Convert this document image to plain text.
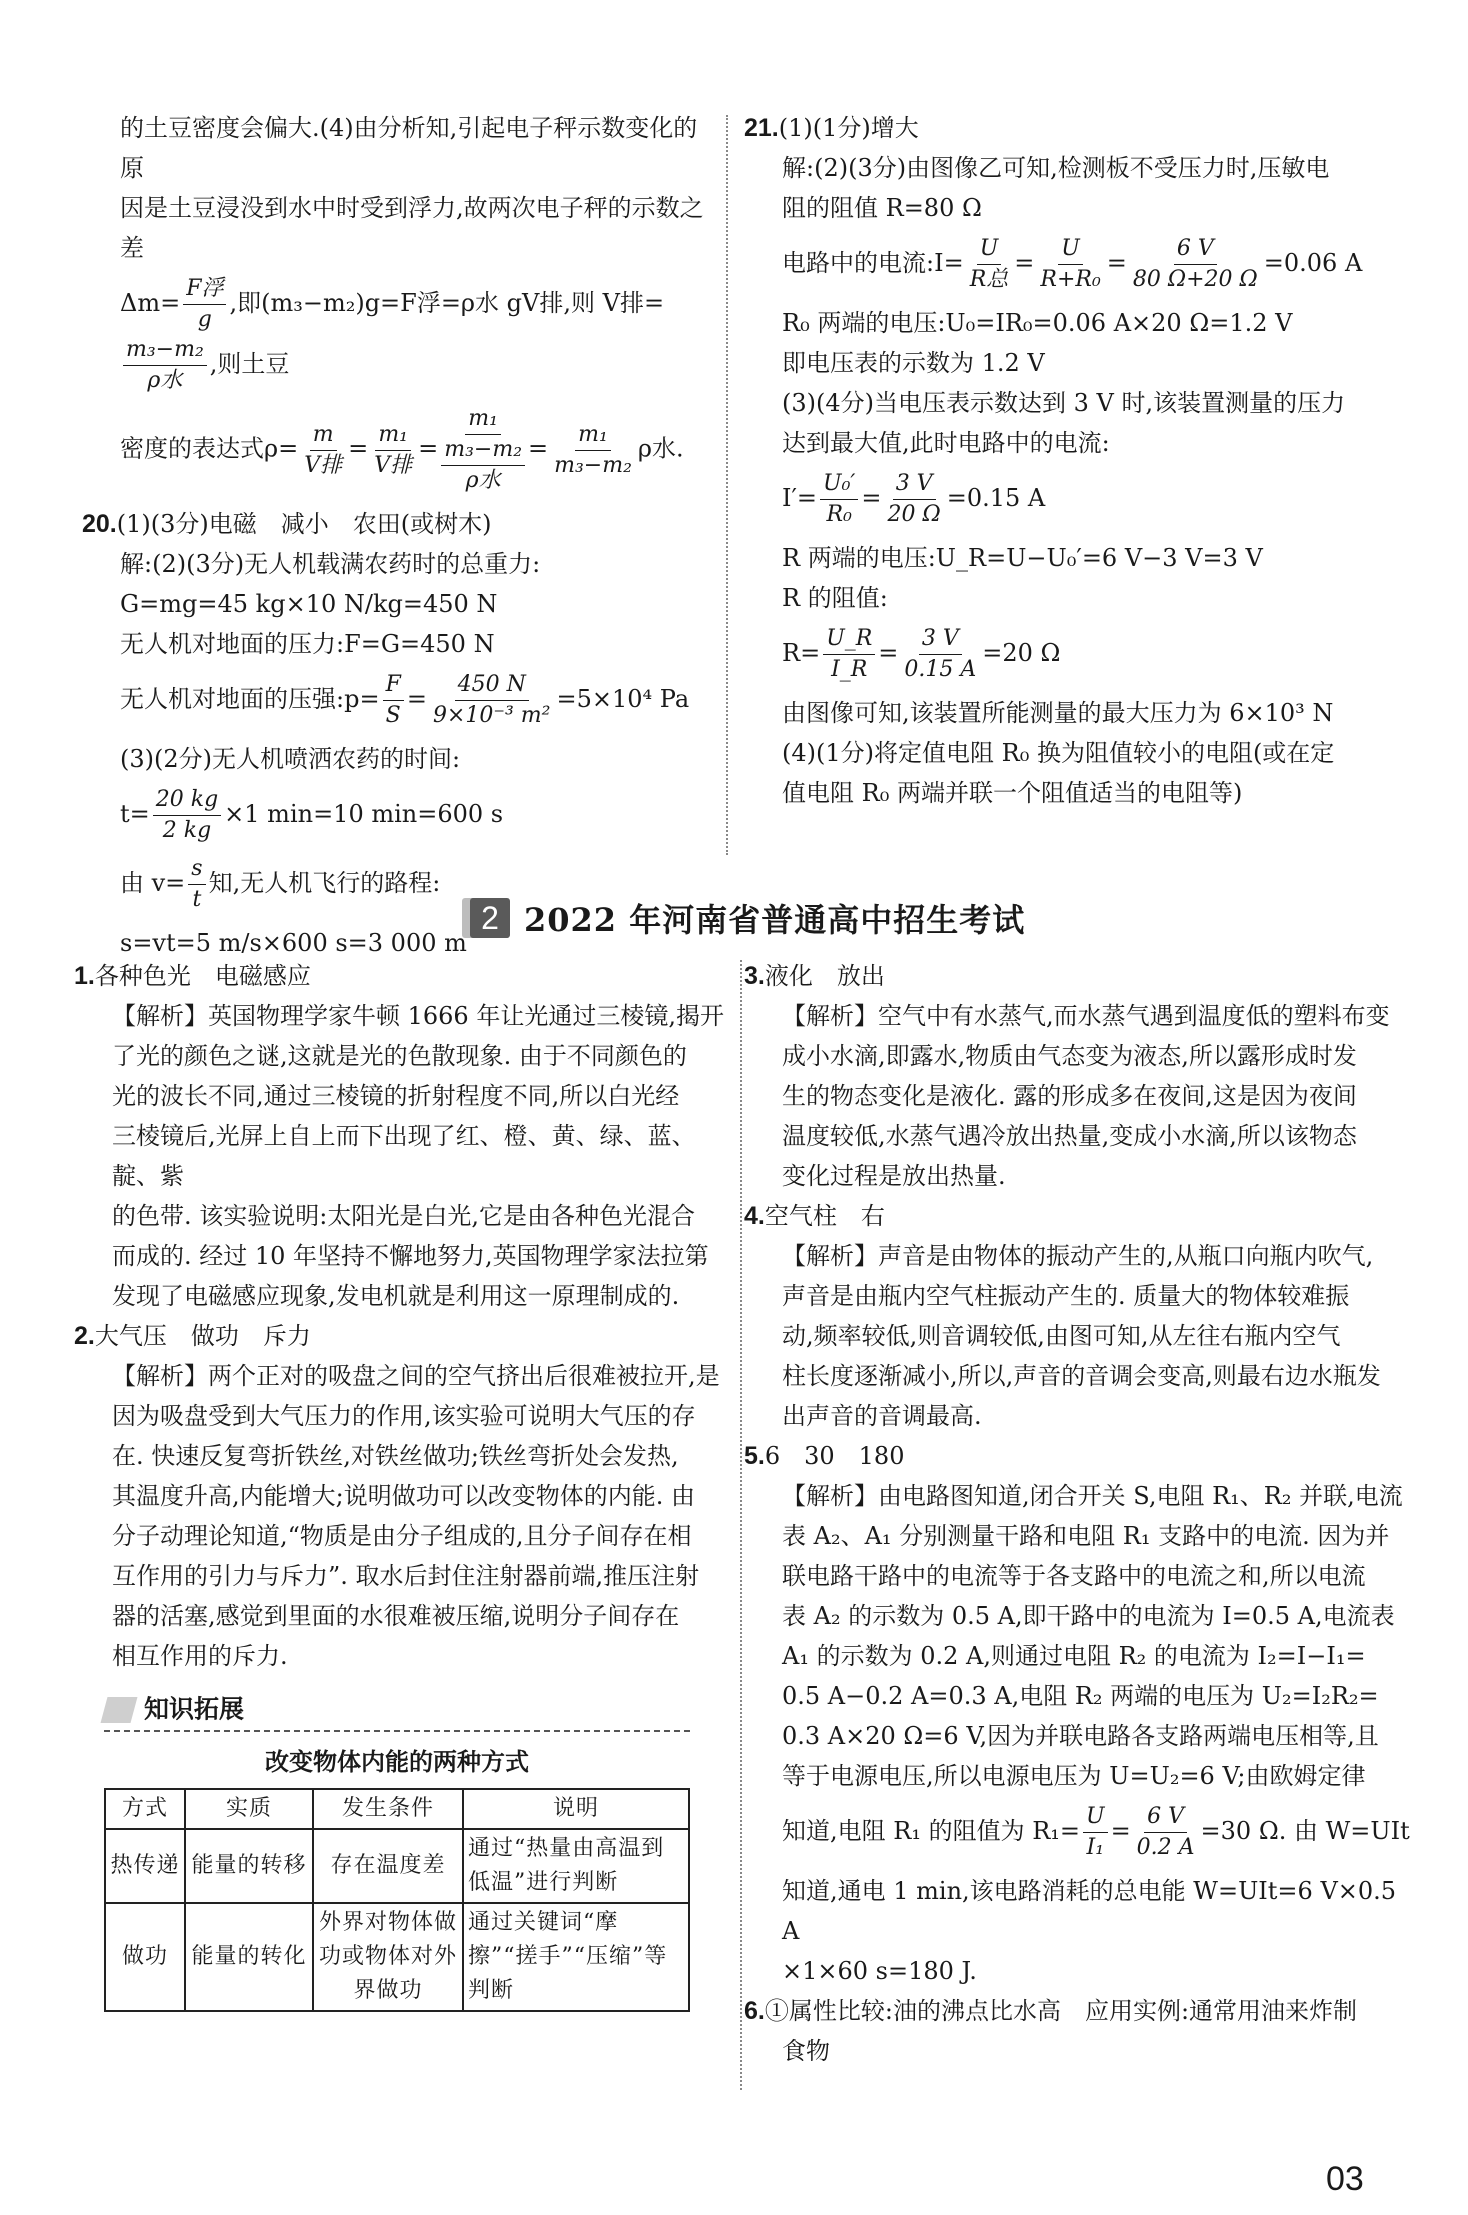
的土豆密度会偏大.(4)由分析知,引起电子秤示数变化的原
因是土豆浸没到水中时受到浮力,故两次电子秤的示数之差
$\Delta m= \frac{\text{F浮}}{g}$ ,即(m₃−m₂)g=F浮=ρ水 gV排,则 V排=
$\frac{\text{m₃−m₂}}{\text{ρ水}}$ ,则土豆
密度的表达式$\rho= \frac{m}{\text{V排}} = \frac{\text{m₁}}{\text{V排}}$ =
m₁
m₃−m₂
ρ水
= $\frac{\text{m₁}}{\text{m₃−m₂}}$ ρ水.
20.(1)(3分)电磁　减小　农田(或树木)
解:(2)(3分)无人机载满农药时的总重力:
G=mg=45 kg×10 N/kg=450 N
无人机对地面的压力:F=G=450 N
无人机对地面的压强:p= $\frac{F}{S} = \frac{450 N}{\text{9×10⁻³ m²}} =5\times 10^4$ Pa
(3)(2分)无人机喷洒农药的时间:
$t= \frac{20 kg}{2 kg} \times 1$ min=10 min=600 s
由 $v= \frac{s}{t}$ 知,无人机飞行的路程:
s=vt=5 m/s×600 s=3 000 m
21.(1)(1分)增大
解:(2)(3分)由图像乙可知,检测板不受压力时,压敏电
阻的阻值 R=80 Ω
电路中的电流:I= $\frac{U}{\text{R总}} = \frac{U}{\text{R+R₀}} = \frac{6 V}{80 \Omega+20 \Omega} =0.06$ A
R₀ 两端的电压:U₀=IR₀=0.06 A×20 Ω=1.2 V
即电压表的示数为 1.2 V
(3)(4分)当电压表示数达到 3 V 时,该装置测量的压力
达到最大值,此时电路中的电流:
$I'= \frac{\text{U₀′}}{\text{R₀}} = \frac{3 V}{20 \Omega} =0.15$ A
R 两端的电压:U_R=U−U₀′=6 V−3 V=3 V
R 的阻值:
$R= \frac{U\_R}{I\_R} = \frac{3 V}{0.15 A} =20$ Ω
由图像可知,该装置所能测量的最大压力为 6×10³ N
(4)(1分)将定值电阻 R₀ 换为阻值较小的电阻(或在定
值电阻 R₀ 两端并联一个阻值适当的电阻等)
2 2022 年河南省普通高中招生考试
1.各种色光　电磁感应
【解析】英国物理学家牛顿 1666 年让光通过三棱镜,揭开
了光的颜色之谜,这就是光的色散现象. 由于不同颜色的
光的波长不同,通过三棱镜的折射程度不同,所以白光经
三棱镜后,光屏上自上而下出现了红、橙、黄、绿、蓝、靛、紫
的色带. 该实验说明:太阳光是白光,它是由各种色光混合
而成的. 经过 10 年坚持不懈地努力,英国物理学家法拉第
发现了电磁感应现象,发电机就是利用这一原理制成的.
2.大气压　做功　斥力
【解析】两个正对的吸盘之间的空气挤出后很难被拉开,是
因为吸盘受到大气压力的作用,该实验可说明大气压的存
在. 快速反复弯折铁丝,对铁丝做功;铁丝弯折处会发热,
其温度升高,内能增大;说明做功可以改变物体的内能. 由
分子动理论知道,“物质是由分子组成的,且分子间存在相
互作用的引力与斥力”. 取水后封住注射器前端,推压注射
器的活塞,感觉到里面的水很难被压缩,说明分子间存在
相互作用的斥力.
知识拓展
改变物体内能的两种方式
方式	实质	发生条件	说明
热传递	能量的转移	存在温度差	通过“热量由高温到低温”进行判断
做功	能量的转化	外界对物体做功或物体对外界做功	通过关键词“摩擦”“搓手”“压缩”等判断
3.液化　放出
【解析】空气中有水蒸气,而水蒸气遇到温度低的塑料布变
成小水滴,即露水,物质由气态变为液态,所以露形成时发
生的物态变化是液化. 露的形成多在夜间,这是因为夜间
温度较低,水蒸气遇冷放出热量,变成小水滴,所以该物态
变化过程是放出热量.
4.空气柱　右
【解析】声音是由物体的振动产生的,从瓶口向瓶内吹气,
声音是由瓶内空气柱振动产生的. 质量大的物体较难振
动,频率较低,则音调较低,由图可知,从左往右瓶内空气
柱长度逐渐减小,所以,声音的音调会变高,则最右边水瓶发
出声音的音调最高.
5.6　30　180
【解析】由电路图知道,闭合开关 S,电阻 R₁、R₂ 并联,电流
表 A₂、A₁ 分别测量干路和电阻 R₁ 支路中的电流. 因为并
联电路干路中的电流等于各支路中的电流之和,所以电流
表 A₂ 的示数为 0.5 A,即干路中的电流为 I=0.5 A,电流表
A₁ 的示数为 0.2 A,则通过电阻 R₂ 的电流为 I₂=I−I₁=
0.5 A−0.2 A=0.3 A,电阻 R₂ 两端的电压为 U₂=I₂R₂=
0.3 A×20 Ω=6 V,因为并联电路各支路两端电压相等,且
等于电源电压,所以电源电压为 U=U₂=6 V;由欧姆定律
知道,电阻 R₁ 的阻值为 $R_1= \frac{U}{\text{I₁}} = \frac{6 V}{0.2 A} =30$ Ω. 由 W=UIt
知道,通电 1 min,该电路消耗的总电能 W=UIt=6 V×0.5 A
×1×60 s=180 J.
6.①属性比较:油的沸点比水高　应用实例:通常用油来炸制
食物
03
